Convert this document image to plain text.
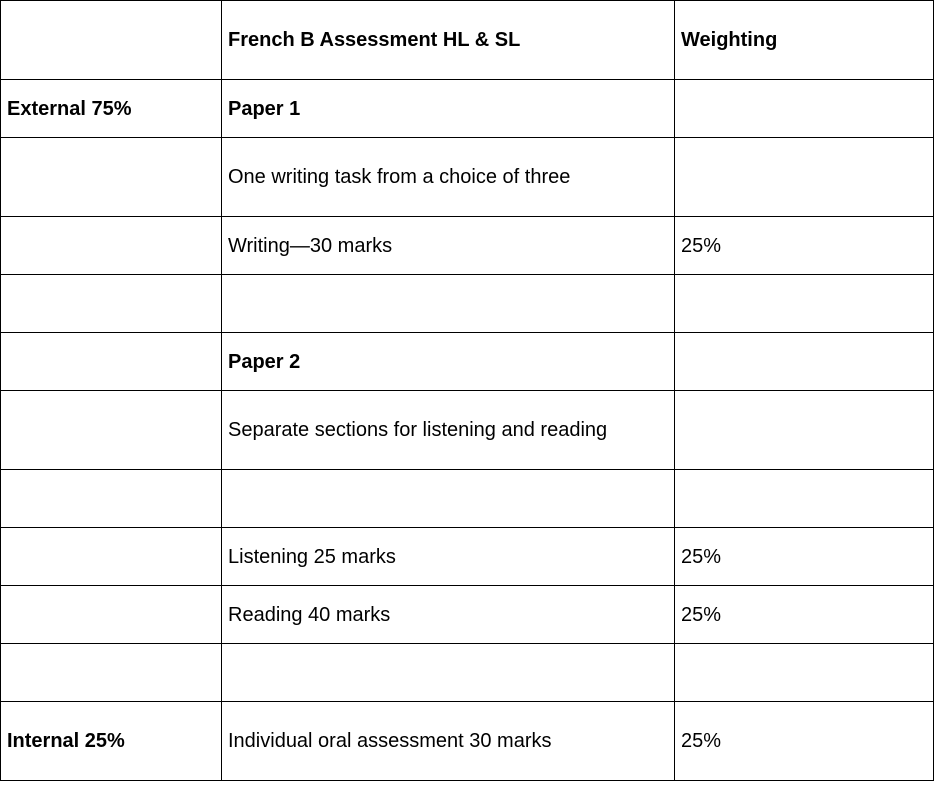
	French B Assessment HL & SL	Weighting
External 75%	Paper 1	
	One writing task from a choice of three	
	Writing—30 marks	25%

	Paper 2	
	Separate sections for listening and reading	

	Listening 25 marks	25%
	Reading 40 marks	25%

Internal 25%	Individual oral assessment 30 marks	25%
